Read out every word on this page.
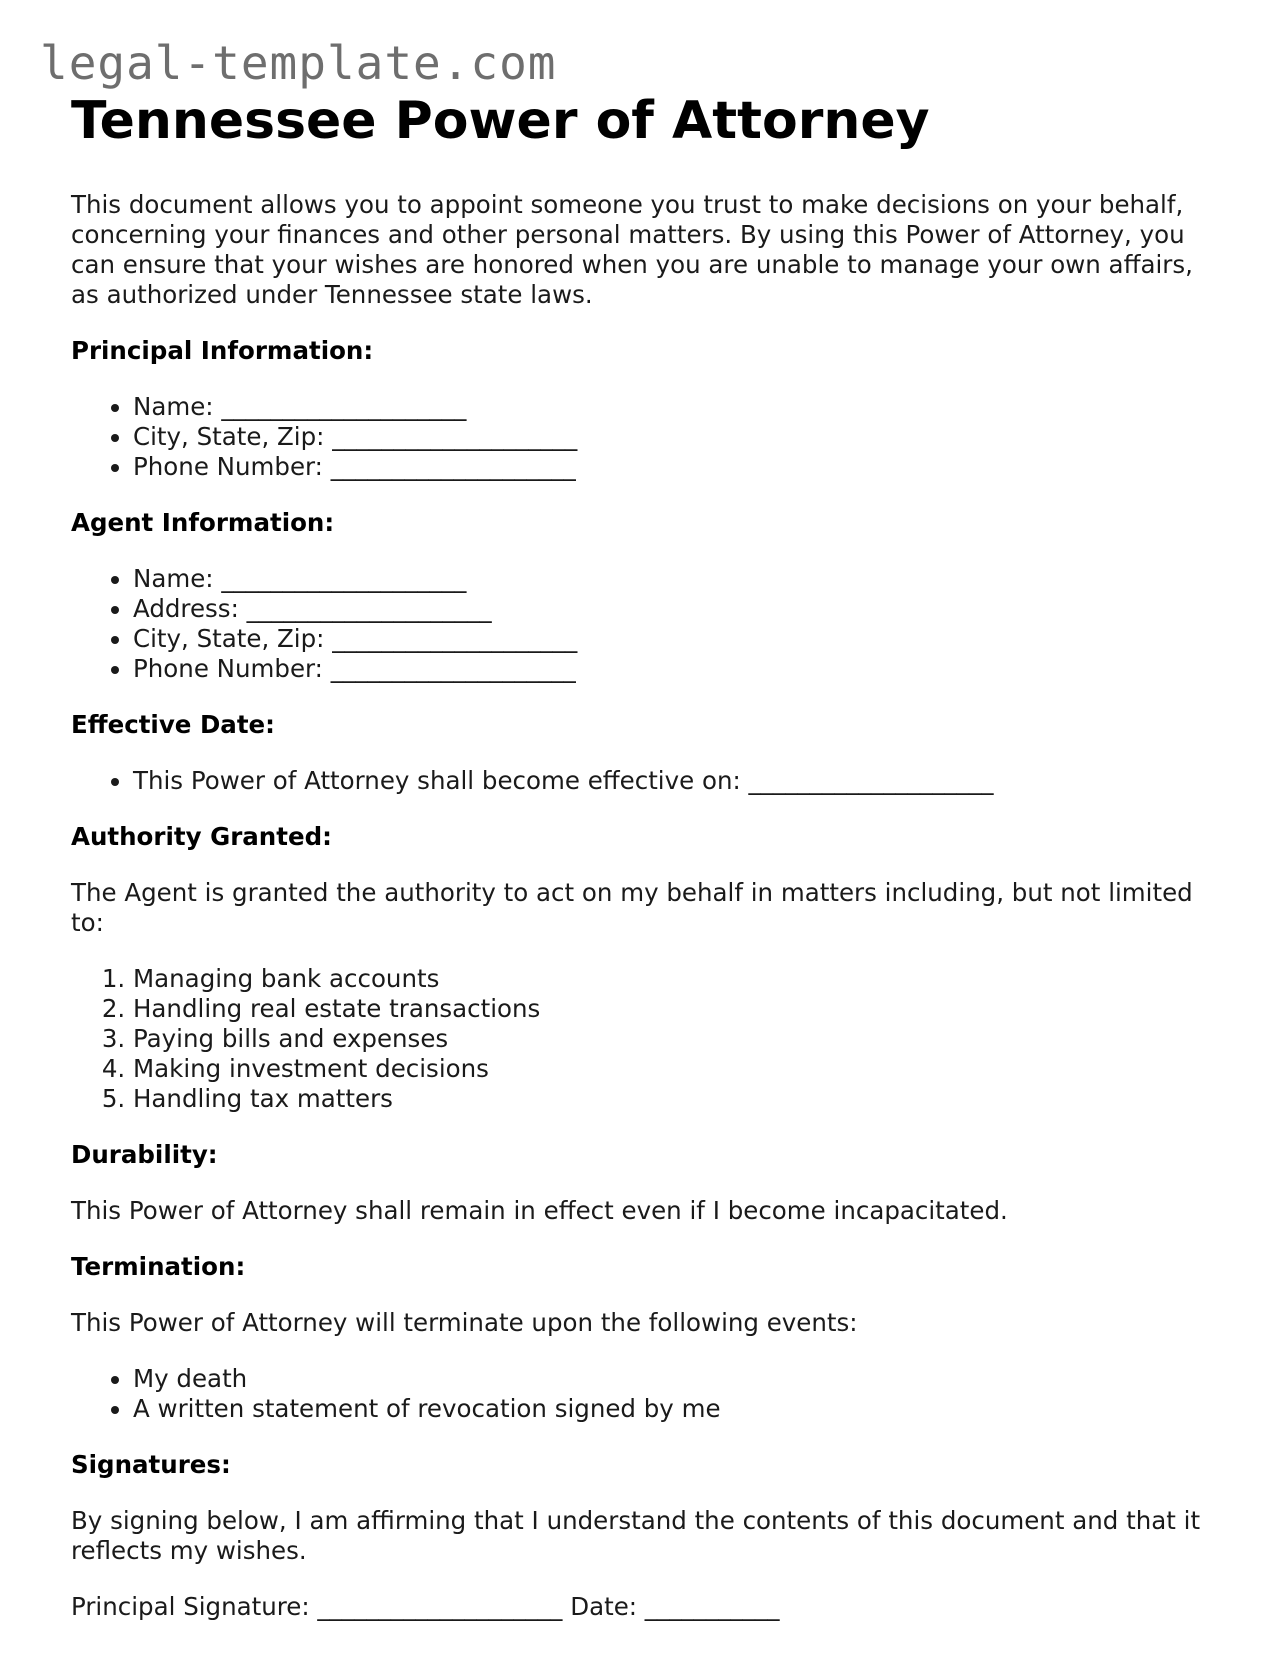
legal-template.com
Tennessee Power of Attorney

This document allows you to appoint someone you trust to make decisions on your behalf, concerning your finances and other personal matters. By using this Power of Attorney, you can ensure that your wishes are honored when you are unable to manage your own affairs, as authorized under Tennessee state laws.

Principal Information:
• Name: ____________________
• City, State, Zip: ____________________
• Phone Number: ____________________
Agent Information:
• Name: ____________________
• Address: ____________________
• City, State, Zip: ____________________
• Phone Number: ____________________
Effective Date:
• This Power of Attorney shall become effective on: ____________________
Authority Granted:

The Agent is granted the authority to act on my behalf in matters including, but not limited to:

1. Managing bank accounts
2. Handling real estate transactions
3. Paying bills and expenses
4. Making investment decisions
5. Handling tax matters
Durability:

This Power of Attorney shall remain in effect even if I become incapacitated.

Termination:

This Power of Attorney will terminate upon the following events:

• My death
• A written statement of revocation signed by me
Signatures:

By signing below, I am affirming that I understand the contents of this document and that it reflects my wishes.

Principal Signature: ____________________ Date: ___________
